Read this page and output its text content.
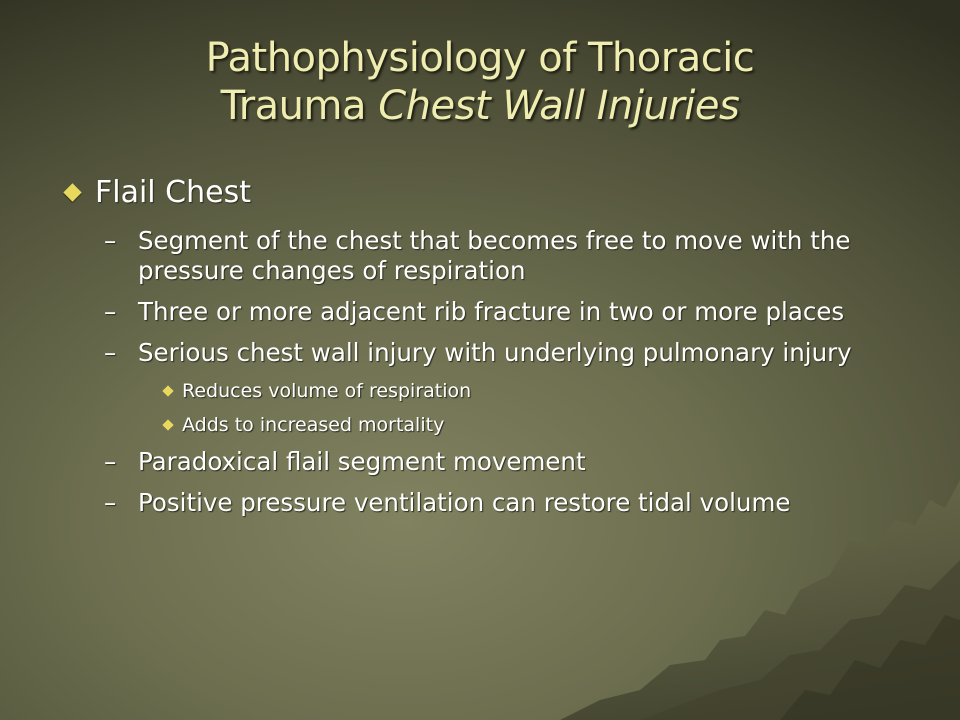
Pathophysiology of Thoracic
Trauma Chest Wall Injuries
Flail Chest
– Segment of the chest that becomes free to move with the pressure changes of respiration
– Three or more adjacent rib fracture in two or more places
– Serious chest wall injury with underlying pulmonary injury
Reduces volume of respiration
Adds to increased mortality
– Paradoxical flail segment movement
– Positive pressure ventilation can restore tidal volume
